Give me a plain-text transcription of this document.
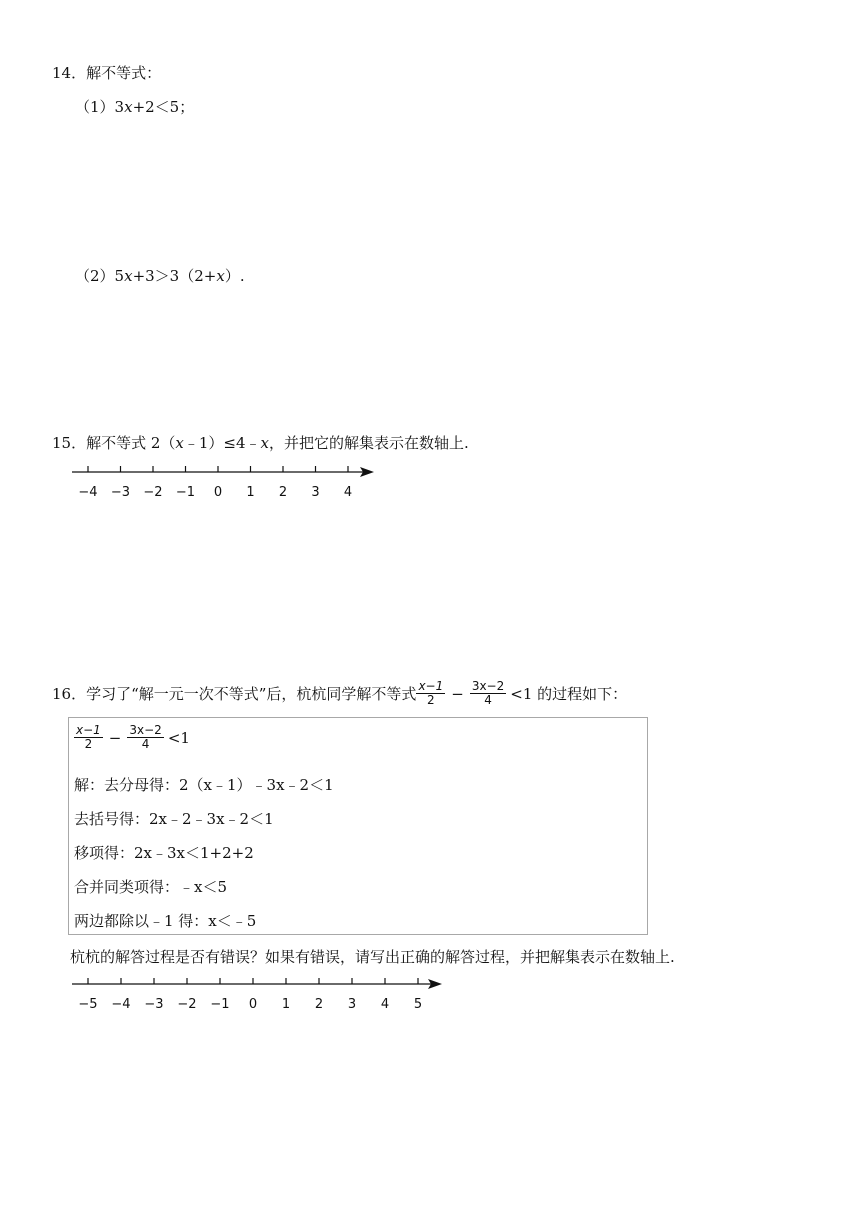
14．解不等式：
（1）3x+2＜5；
（2）5x+3＞3（2+x）.
15．解不等式 2（x﹣1）≤4﹣x，并把它的解集表示在数轴上.
−4 −3 −2 −1 0 1 2 3 4
16．学习了“解一元一次不等式”后，杭杭同学解不等式 $\frac{x-1}{2} - \frac{3x-2}{4} <1$ 的过程如下：
$\frac{x-1}{2} - \frac{3x-2}{4} <1$
解：去分母得：2（x﹣1）﹣3x﹣2＜1
去括号得：2x﹣2﹣3x﹣2＜1
移项得：2x﹣3x＜1+2+2
合并同类项得：﹣x＜5
两边都除以﹣1 得：x＜﹣5
杭杭的解答过程是否有错误？如果有错误，请写出正确的解答过程，并把解集表示在数轴上.
−5 −4 −3 −2 −1 0 1 2 3 4 5
